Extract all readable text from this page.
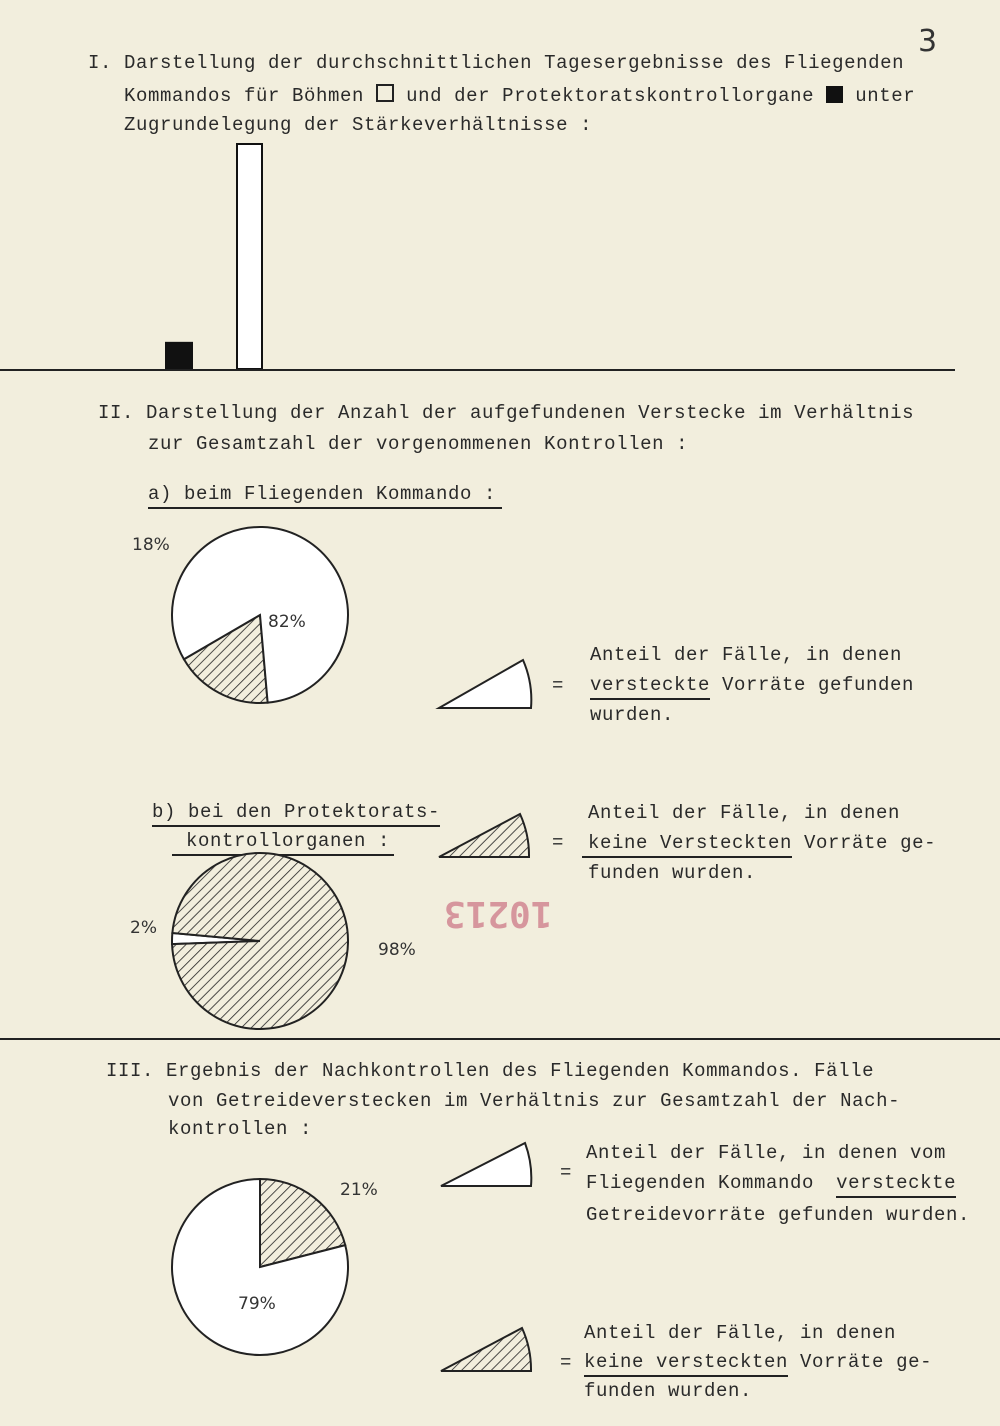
3
I. Darstellung der durchschnittlichen Tagesergebnisse des Fliegenden
Kommandos für Böhmen und der Protektoratskontrollorgane unter
Zugrundelegung der Stärkeverhältnisse :
II. Darstellung der Anzahl der aufgefundenen Verstecke im Verhältnis
zur Gesamtzahl der vorgenommenen Kontrollen :
a) beim Fliegenden Kommando :
18%
82%
=
Anteil der Fälle, in denen
versteckte Vorräte gefunden
wurden.
b) bei den Protektorats-
kontrollorganen :	=
Anteil der Fälle, in denen
keine Versteckten Vorräte ge-
funden wurden.
2%
98%
10213
III. Ergebnis der Nachkontrollen des Fliegenden Kommandos. Fälle
von Getreideverstecken im Verhältnis zur Gesamtzahl der Nach-
kontrollen :
=
Anteil der Fälle, in denen vom
Fliegenden Kommando versteckte
Getreidevorräte gefunden wurden.
21%
79%
=
Anteil der Fälle, in denen
keine versteckten Vorräte ge-
funden wurden.
